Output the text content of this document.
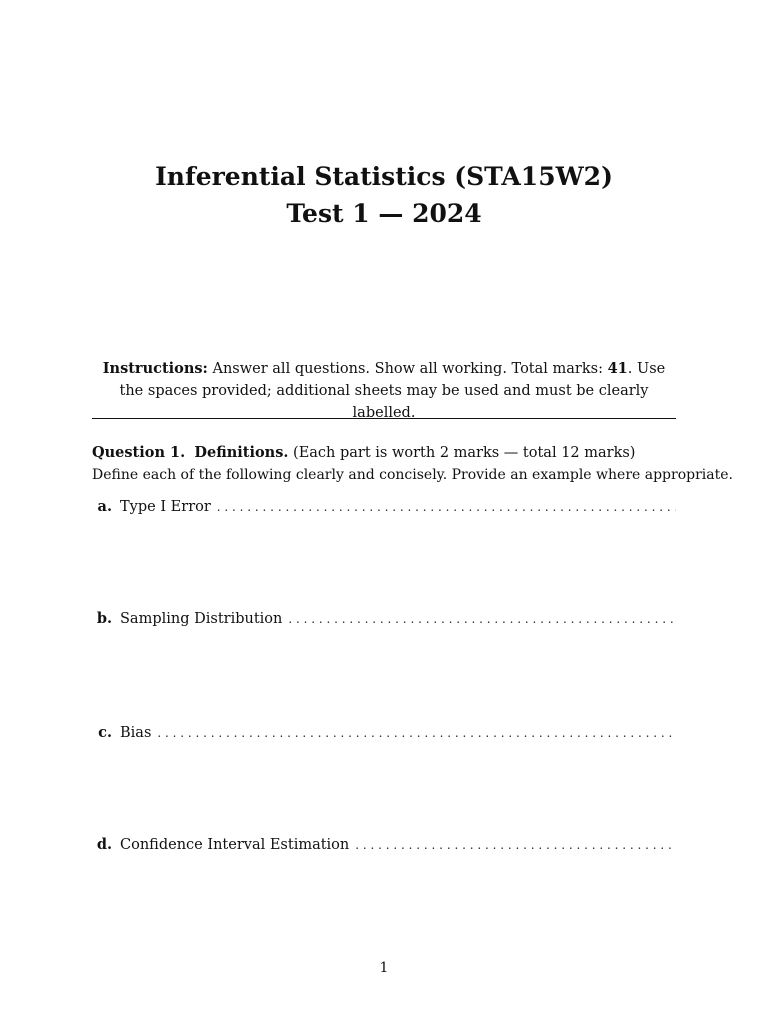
Inferential Statistics (STA15W2)
Test 1 — 2024
Instructions: Answer all questions. Show all working. Total marks: 41. Use the spaces provided; additional sheets may be used and must be clearly labelled.
Question 1. Definitions. (Each part is worth 2 marks — total 12 marks)
Define each of the following clearly and concisely. Provide an example where appropriate.
a. Type I Error
. . .
b. Sampling Distribution
. . .
c. Bias
. . .
d. Confidence Interval Estimation
. . .
1
